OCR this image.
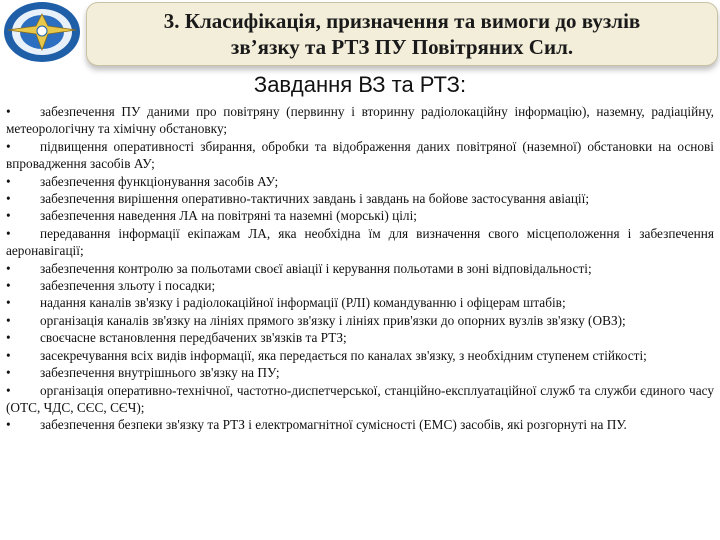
3. Класифікація, призначення та вимоги до вузлів
зв’язку та РТЗ ПУ Повітряних Сил.
Завдання ВЗ та РТЗ:

• забезпечення ПУ даними про повітряну (первинну і вторинну радіолокаційну інформацію), наземну, радіаційну, метеорологічну та хімічну обстановку;

• підвищення оперативності збирання, обробки та відображення даних повітряної (наземної) обстановки на основі впровадження засобів АУ;

• забезпечення функціонування засобів АУ;

• забезпечення вирішення оперативно-тактичних завдань і завдань на бойове застосування авіації;

• забезпечення наведення ЛА на повітряні та наземні (морські) цілі;

• передавання інформації екіпажам ЛА, яка необхідна їм для визначення свого місцеположення і забезпечення аеронавігації;

• забезпечення контролю за польотами своєї авіації і керування польотами в зоні відповідальності;

• забезпечення зльоту і посадки;

• надання каналів зв'язку і радіолокаційної інформації (РЛІ) командуванню і офіцерам штабів;

• організація каналів зв'язку на лініях прямого зв'язку і лініях прив'язки до опорних вузлів зв'язку (ОВЗ);

• своєчасне встановлення передбачених зв'язків та РТЗ;

• засекречування всіх видів інформації, яка передається по каналах зв'язку, з необхідним ступенем стійкості;

• забезпечення внутрішнього зв'язку на ПУ;

• організація оперативно-технічної, частотно-диспетчерської, станційно-експлуатаційної служб та служби єдиного часу (ОТС, ЧДС, СЄС, СЄЧ);

• забезпечення безпеки зв'язку та РТЗ і електромагнітної сумісності (ЕМС) засобів, які розгорнуті на ПУ.
